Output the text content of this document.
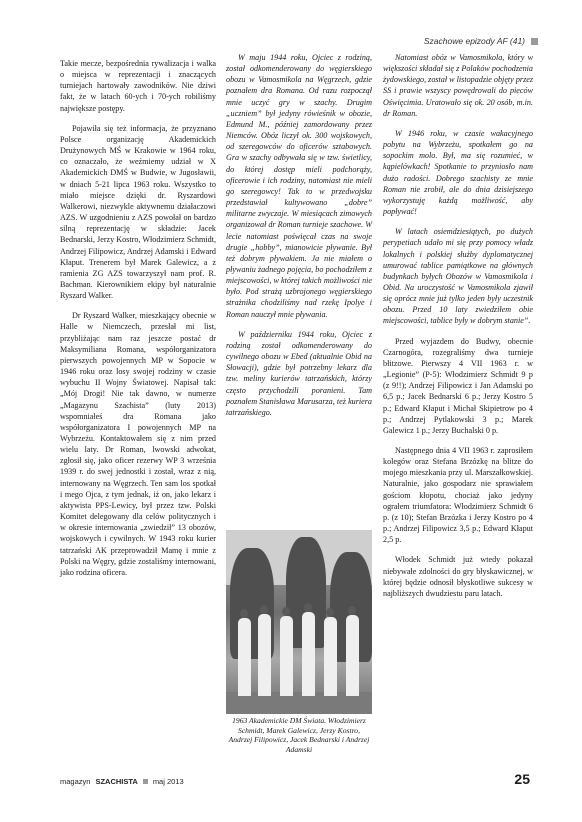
Szachowe epizody AF (41)

Takie mecze, bezpośrednia rywalizacja i walka o miejsca w reprezentacji i znaczących turniejach hartowały zawodników. Nie dziwi fakt, że w latach 60-ych i 70-ych robiliśmy największe postępy.

Pojawiła się też informacja, że przyznano Polsce organizację Akademickich Drużynowych MŚ w Krakowie w 1964 roku, co oznaczało, że weźmiemy udział w X Akademickich DMŚ w Budwie, w Jugosławii, w dniach 5-21 lipca 1963 roku. Wszystko to miało miejsce dzięki dr. Ryszardowi Walkerowi, niezwykle aktywnemu działaczowi AZS. W uzgodnieniu z AZS powołał on bardzo silną reprezentację w składzie: Jacek Bednarski, Jerzy Kostro, Włodzimierz Schmidt, Andrzej Filipowicz, Andrzej Adamski i Edward Kłaput. Trenerem był Marek Galewicz, a z ramienia ZG AZS towarzyszył nam prof. R. Bachman. Kierownikiem ekipy był naturalnie Ryszard Walker.

Dr Ryszard Walker, mieszkający obecnie w Halle w Niemczech, przesłał mi list, przybliżając nam raz jeszcze postać dr Maksymiliana Romana, współorganizatora pierwszych powojennych MP w Sopocie w 1946 roku oraz losy swojej rodziny w czasie wybuchu II Wojny Światowej. Napisał tak: „Mój Drogi! Nie tak dawno, w numerze „Magazynu Szachista” (luty 2013) wspomniałeś dra Romana jako współorganizatora I powojennych MP na Wybrzeżu. Kontaktowałem się z nim przed wielu laty. Dr Roman, lwowski adwokat, zgłosił się, jako oficer rezerwy WP 3 września 1939 r. do swej jednostki i został, wraz z nią, internowany na Węgrzech. Ten sam los spotkał i mego Ojca, z tym jednak, iż on, jako lekarz i aktywista PPS-Lewicy, był przez tzw. Polski Komitet delegowany dla celów politycznych i w okresie internowania „zwiedził” 13 obozów, wojskowych i cywilnych. W 1943 roku kurier tatrzański AK przeprowadził Mamę i mnie z Polski na Węgry, gdzie zostaliśmy internowani, jako rodzina oficera.

W maju 1944 roku, Ojciec z rodziną, został odkomenderowany do węgierskiego obozu w Vamosmikola na Węgrzech, gdzie poznałem dra Romana. Od razu rozpoczął mnie uczyć gry w szachy. Drugim „uczniem” był jedyny rówieśnik w obozie, Edmund M., później zamordowany przez Niemców. Obóz liczył ok. 300 wojskowych, od szeregowców do oficerów sztabowych. Gra w szachy odbywała się w tzw. świetlicy, do której dostęp mieli podchorąży, oficerowie i ich rodziny, natomiast nie mieli go szeregowcy! Tak to w przedwojsku przedstawiał kultywowano „dobre” militarne zwyczaje. W miesiącach zimowych organizował dr Roman turnieje szachowe. W lecie natomiast poświęcał czas na swoje drugie „hobby”, mianowicie pływanie. Był też dobrym pływakiem. Ja nie miałem o pływaniu żadnego pojęcia, bo pochodziłem z miejscowości, w której takich możliwości nie było. Pod strażą uzbrojonego węgierskiego strażnika chodziliśmy nad rzekę Ipolye i Roman nauczył mnie pływania.

W październiku 1944 roku, Ojciec z rodziną został odkomenderowany do cywilnego obozu w Ebed (aktualnie Obid na Słowacji), gdzie był potrzebny lekarz dla tzw. meliny kurierów tatrzańskich, którzy często przychodzili poranieni. Tam poznałem Stanisława Marusarza, też kuriera tatrzańskiego.

1963 Akademickie DM Świata. Włodzimierz Schmidt, Marek Galewicz, Jerzy Kostro, Andrzej Filipowicz, Jacek Bednarski i Andrzej Adamski

Natomiast obóz w Vamosmikola, który w większości składał się z Polaków pochodzenia żydowskiego, został w listopadzie objęty przez SS i prawie wszyscy powędrowali do pieców Oświęcimia. Uratowało się ok. 20 osób, m.in. dr Roman.

W 1946 roku, w czasie wakacyjnego pobytu na Wybrzeżu, spotkałem go na sopockim molo. Był, ma się rozumieć, w kąpielówkach! Spotkanie to przyniosło nam dużo radości. Dobrego szachisty ze mnie Roman nie zrobił, ale do dnia dzisiejszego wykorzystuję każdą możliwość, aby popływać!

W latach osiemdziesiątych, po dużych perypetiach udało mi się przy pomocy władz lokalnych i polskiej służby dyplomatycznej umurować tablice pamiątkowe na głównych budynkach byłych Obozów w Vamosmikola i Obid. Na uroczystość w Vamosmikola zjawił się oprócz mnie już tylko jeden były uczestnik obozu. Przed 10 laty zwiedziłem obie miejscowości, tablice były w dobrym stanie”.

Przed wyjazdem do Budwy, obecnie Czarnogóra, rozegraliśmy dwa turnieje błitzowe. Pierwszy 4 VII 1963 r. w „Legionie” (P-5): Włodzimierz Schmidt 9 p (z 9!!); Andrzej Filipowicz i Jan Adamski po 6,5 p.; Jacek Bednarski 6 p.; Jerzy Kostro 5 p.; Edward Kłaput i Michał Skipietrow po 4 p.; Andrzej Pytlakowski 3 p.; Marek Galewicz 1 p.; Jerzy Buchalski 0 p.

Następnego dnia 4 VII 1963 r. zaprosiłem kolegów oraz Stefana Brzózkę na blitze do mojego mieszkania przy ul. Marszałkowskiej. Naturalnie, jako gospodarz nie sprawiałem gościom kłopotu, chociaż jako jedyny ograłem triumfatora: Włodzimierz Schmidt 6 p. (z 10); Stefan Brzózka i Jerzy Kostro po 4 p.; Andrzej Filipowicz 3,5 p.; Edward Kłaput 2,5 p.

Włodek Schmidt już wtedy pokazał niebywałe zdolności do gry błyskawicznej, w której będzie odnosił błyskotliwe sukcesy w najbliższych dwudziestu paru latach.

magazyn SZACHISTA maj 2013	25
